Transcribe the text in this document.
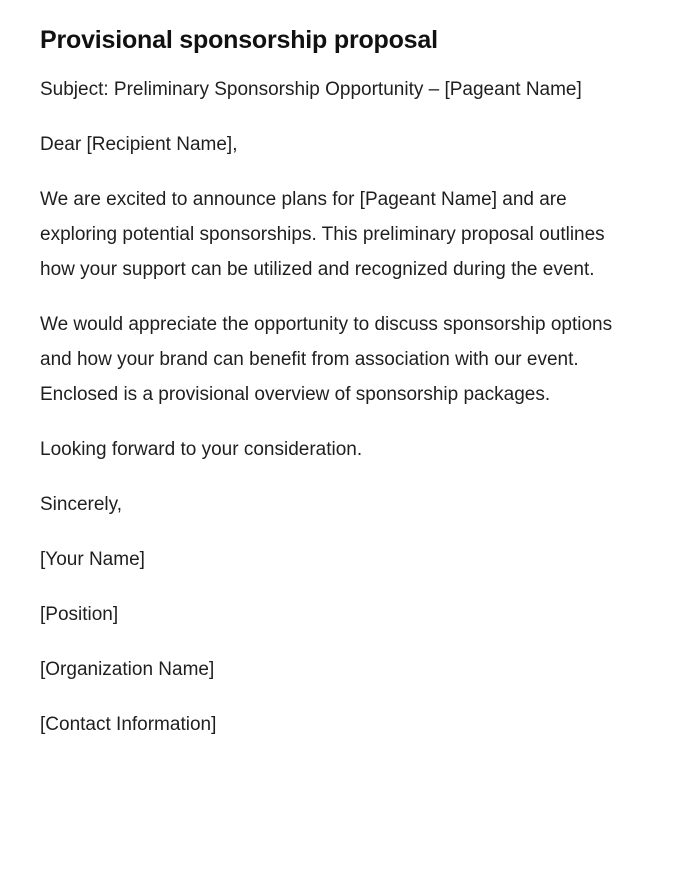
Provisional sponsorship proposal

Subject: Preliminary Sponsorship Opportunity – [Pageant Name]

Dear [Recipient Name],

We are excited to announce plans for [Pageant Name] and are exploring potential sponsorships. This preliminary proposal outlines how your support can be utilized and recognized during the event.

We would appreciate the opportunity to discuss sponsorship options and how your brand can benefit from association with our event. Enclosed is a provisional overview of sponsorship packages.

Looking forward to your consideration.

Sincerely,

[Your Name]

[Position]

[Organization Name]

[Contact Information]
